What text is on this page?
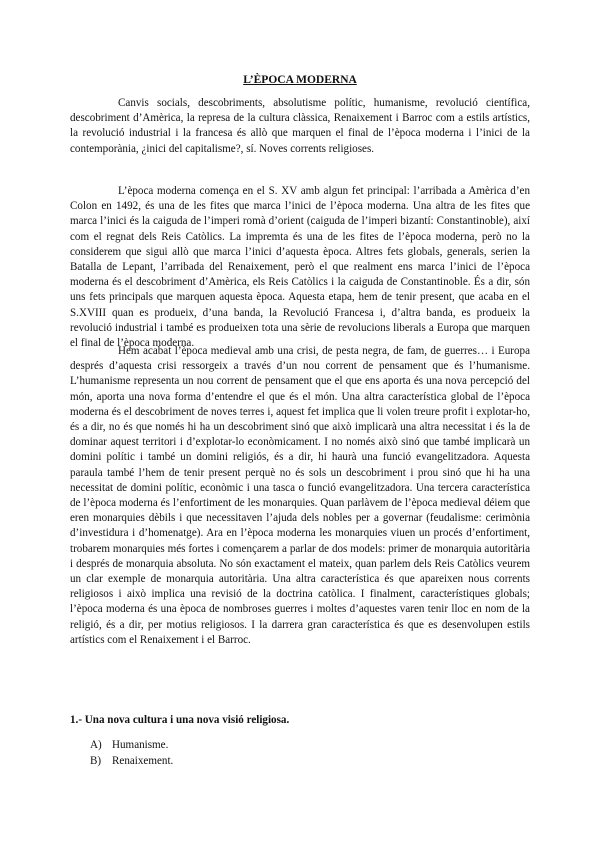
L’ÈPOCA MODERNA

Canvis socials, descobriments, absolutisme polític, humanisme, revolució científica, descobriment d’Amèrica, la represa de la cultura clàssica, Renaixement i Barroc com a estils artístics, la revolució industrial i la francesa és allò que marquen el final de l’època moderna i l’inici de la contemporània, ¿inici del capitalisme?, sí. Noves corrents religioses.

L’època moderna comença en el S. XV amb algun fet principal: l’arribada a Amèrica d’en Colon en 1492, és una de les fites que marca l’inici de l’època moderna. Una altra de les fites que marca l’inici és la caiguda de l’imperi romà d’orient (caiguda de l’imperi bizantí: Constantinoble), així com el regnat dels Reis Catòlics. La impremta és una de les fites de l’època moderna, però no la considerem que sigui allò que marca l’inici d’aquesta època. Altres fets globals, generals, serien la Batalla de Lepant, l’arribada del Renaixement, però el que realment ens marca l’inici de l’època moderna és el descobriment d’Amèrica, els Reis Catòlics i la caiguda de Constantinoble. És a dir, són uns fets principals que marquen aquesta època. Aquesta etapa, hem de tenir present, que acaba en el S.XVIII quan es produeix, d’una banda, la Revolució Francesa i, d’altra banda, es produeix la revolució industrial i també es produeixen tota una sèrie de revolucions liberals a Europa que marquen el final de l’època moderna.

Hem acabat l’època medieval amb una crisi, de pesta negra, de fam, de guerres… i Europa després d’aquesta crisi ressorgeix a través d’un nou corrent de pensament que és l’humanisme. L’humanisme representa un nou corrent de pensament que el que ens aporta és una nova percepció del món, aporta una nova forma d’entendre el que és el món. Una altra característica global de l’època moderna és el descobriment de noves terres i, aquest fet implica que li volen treure profit i explotar-ho, és a dir, no és que només hi ha un descobriment sinó que això implicarà una altra necessitat i és la de dominar aquest territori i d’explotar-lo econòmicament. I no només això sinó que també implicarà un domini polític i també un domini religiós, és a dir, hi haurà una funció evangelitzadora. Aquesta paraula també l’hem de tenir present perquè no és sols un descobriment i prou sinó que hi ha una necessitat de domini polític, econòmic i una tasca o funció evangelitzadora. Una tercera característica de l’època moderna és l’enfortiment de les monarquies. Quan parlàvem de l’època medieval déiem que eren monarquies dèbils i que necessitaven l’ajuda dels nobles per a governar (feudalisme: cerimònia d’investidura i d’homenatge). Ara en l’època moderna les monarquies viuen un procés d’enfortiment, trobarem monarquies més fortes i començarem a parlar de dos models: primer de monarquia autoritària i després de monarquia absoluta. No són exactament el mateix, quan parlem dels Reis Catòlics veurem un clar exemple de monarquia autoritària. Una altra característica és que apareixen nous corrents religiosos i això implica una revisió de la doctrina catòlica. I finalment, característiques globals; l’època moderna és una època de nombroses guerres i moltes d’aquestes varen tenir lloc en nom de la religió, és a dir, per motius religiosos. I la darrera gran característica és que es desenvolupen estils artístics com el Renaixement i el Barroc.

1.- Una nova cultura i una nova visió religiosa.

A) Humanisme.
B) Renaixement.
